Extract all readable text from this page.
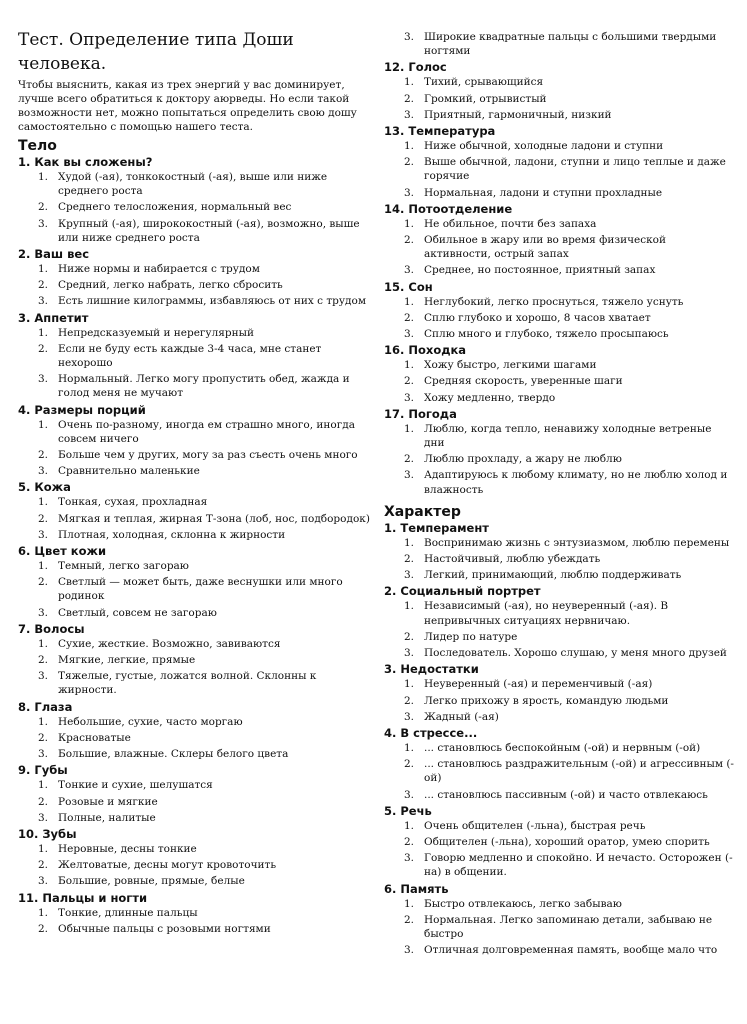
Тест. Определение типа Доши человека.

Чтобы выяснить, какая из трех энергий у вас доминирует, лучше всего обратиться к доктору аюрведы. Но если такой возможности нет, можно попытаться определить свою дошу самостоятельно с помощью нашего теста.

Тело
1. Как вы сложены?
1. Худой (-ая), тонкокостный (-ая), выше или ниже среднего роста
2. Среднего телосложения, нормальный вес
3. Крупный (-ая), ширококостный (-ая), возможно, выше или ниже среднего роста
2. Ваш вес
1. Ниже нормы и набирается с трудом
2. Средний, легко набрать, легко сбросить
3. Есть лишние килограммы, избавляюсь от них с трудом
3. Аппетит
1. Непредсказуемый и нерегулярный
2. Если не буду есть каждые 3-4 часа, мне станет нехорошо
3. Нормальный. Легко могу пропустить обед, жажда и голод меня не мучают
4. Размеры порций
1. Очень по-разному, иногда ем страшно много, иногда совсем ничего
2. Больше чем у других, могу за раз съесть очень много
3. Сравнительно маленькие
5. Кожа
1. Тонкая, сухая, прохладная
2. Мягкая и теплая, жирная Т-зона (лоб, нос, подбородок)
3. Плотная, холодная, склонна к жирности
6. Цвет кожи
1. Темный, легко загораю
2. Светлый — может быть, даже веснушки или много родинок
3. Светлый, совсем не загораю
7. Волосы
1. Сухие, жесткие. Возможно, завиваются
2. Мягкие, легкие, прямые
3. Тяжелые, густые, ложатся волной. Склонны к жирности.
8. Глаза
1. Небольшие, сухие, часто моргаю
2. Красноватые
3. Большие, влажные. Склеры белого цвета
9. Губы
1. Тонкие и сухие, шелушатся
2. Розовые и мягкие
3. Полные, налитые
10. Зубы
1. Неровные, десны тонкие
2. Желтоватые, десны могут кровоточить
3. Большие, ровные, прямые, белые
11. Пальцы и ногти
1. Тонкие, длинные пальцы
2. Обычные пальцы с розовыми ногтями
3. Широкие квадратные пальцы с большими твердыми ногтями
12. Голос
1. Тихий, срывающийся
2. Громкий, отрывистый
3. Приятный, гармоничный, низкий
13. Температура
1. Ниже обычной, холодные ладони и ступни
2. Выше обычной, ладони, ступни и лицо теплые и даже горячие
3. Нормальная, ладони и ступни прохладные
14. Потоотделение
1. Не обильное, почти без запаха
2. Обильное в жару или во время физической активности, острый запах
3. Среднее, но постоянное, приятный запах
15. Сон
1. Неглубокий, легко проснуться, тяжело уснуть
2. Сплю глубоко и хорошо, 8 часов хватает
3. Сплю много и глубоко, тяжело просыпаюсь
16. Походка
1. Хожу быстро, легкими шагами
2. Средняя скорость, уверенные шаги
3. Хожу медленно, твердо
17. Погода
1. Люблю, когда тепло, ненавижу холодные ветреные дни
2. Люблю прохладу, а жару не люблю
3. Адаптируюсь к любому климату, но не люблю холод и влажность
Характер
1. Темперамент
1. Воспринимаю жизнь с энтузиазмом, люблю перемены
2. Настойчивый, люблю убеждать
3. Легкий, принимающий, люблю поддерживать
2. Социальный портрет
1. Независимый (-ая), но неуверенный (-ая). В непривычных ситуациях нервничаю.
2. Лидер по натуре
3. Последователь. Хорошо слушаю, у меня много друзей
3. Недостатки
1. Неуверенный (-ая) и переменчивый (-ая)
2. Легко прихожу в ярость, командую людьми
3. Жадный (-ая)
4. В стрессе...
1. ... становлюсь беспокойным (-ой) и нервным (-ой)
2. ... становлюсь раздражительным (-ой) и агрессивным (-ой)
3. ... становлюсь пассивным (-ой) и часто отвлекаюсь
5. Речь
1. Очень общителен (-льна), быстрая речь
2. Общителен (-льна), хороший оратор, умею спорить
3. Говорю медленно и спокойно. И нечасто. Осторожен (-на) в общении.
6. Память
1. Быстро отвлекаюсь, легко забываю
2. Нормальная. Легко запоминаю детали, забываю не быстро
3. Отличная долговременная память, вообще мало что
